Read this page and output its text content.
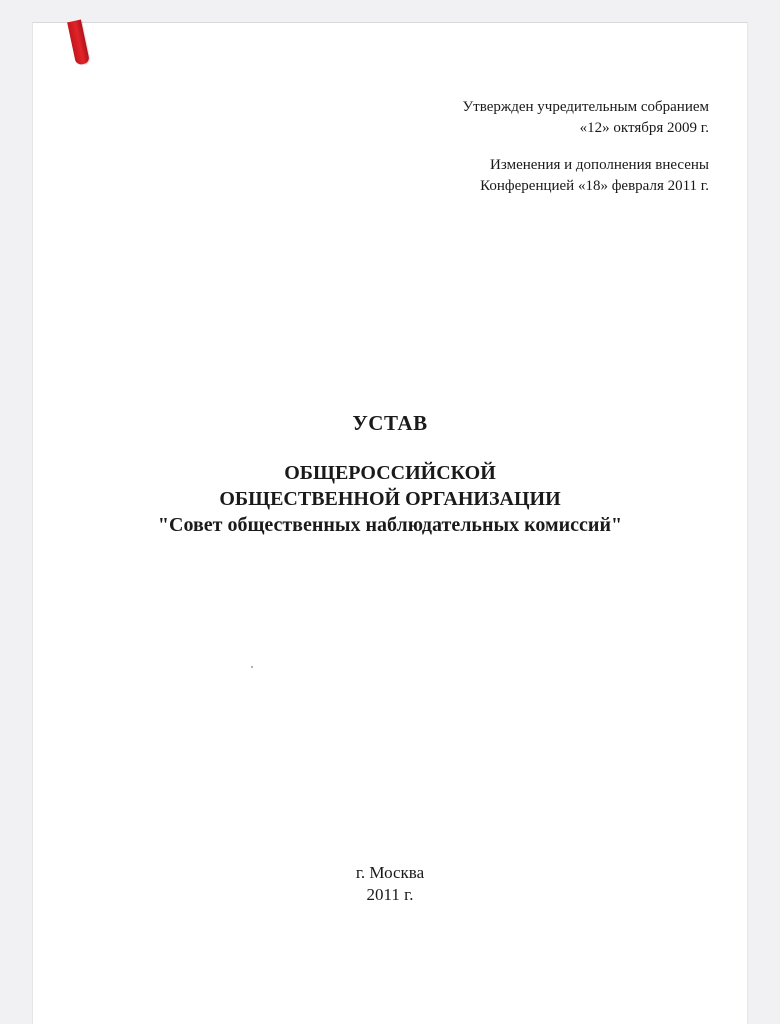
Утвержден учредительным собранием

«12» октября 2009 г.

Изменения и дополнения внесены

Конференцией «18» февраля 2011 г.

УСТАВ

ОБЩЕРОССИЙСКОЙ

ОБЩЕСТВЕННОЙ ОРГАНИЗАЦИИ

"Совет общественных наблюдательных комиссий"

г. Москва

2011 г.
